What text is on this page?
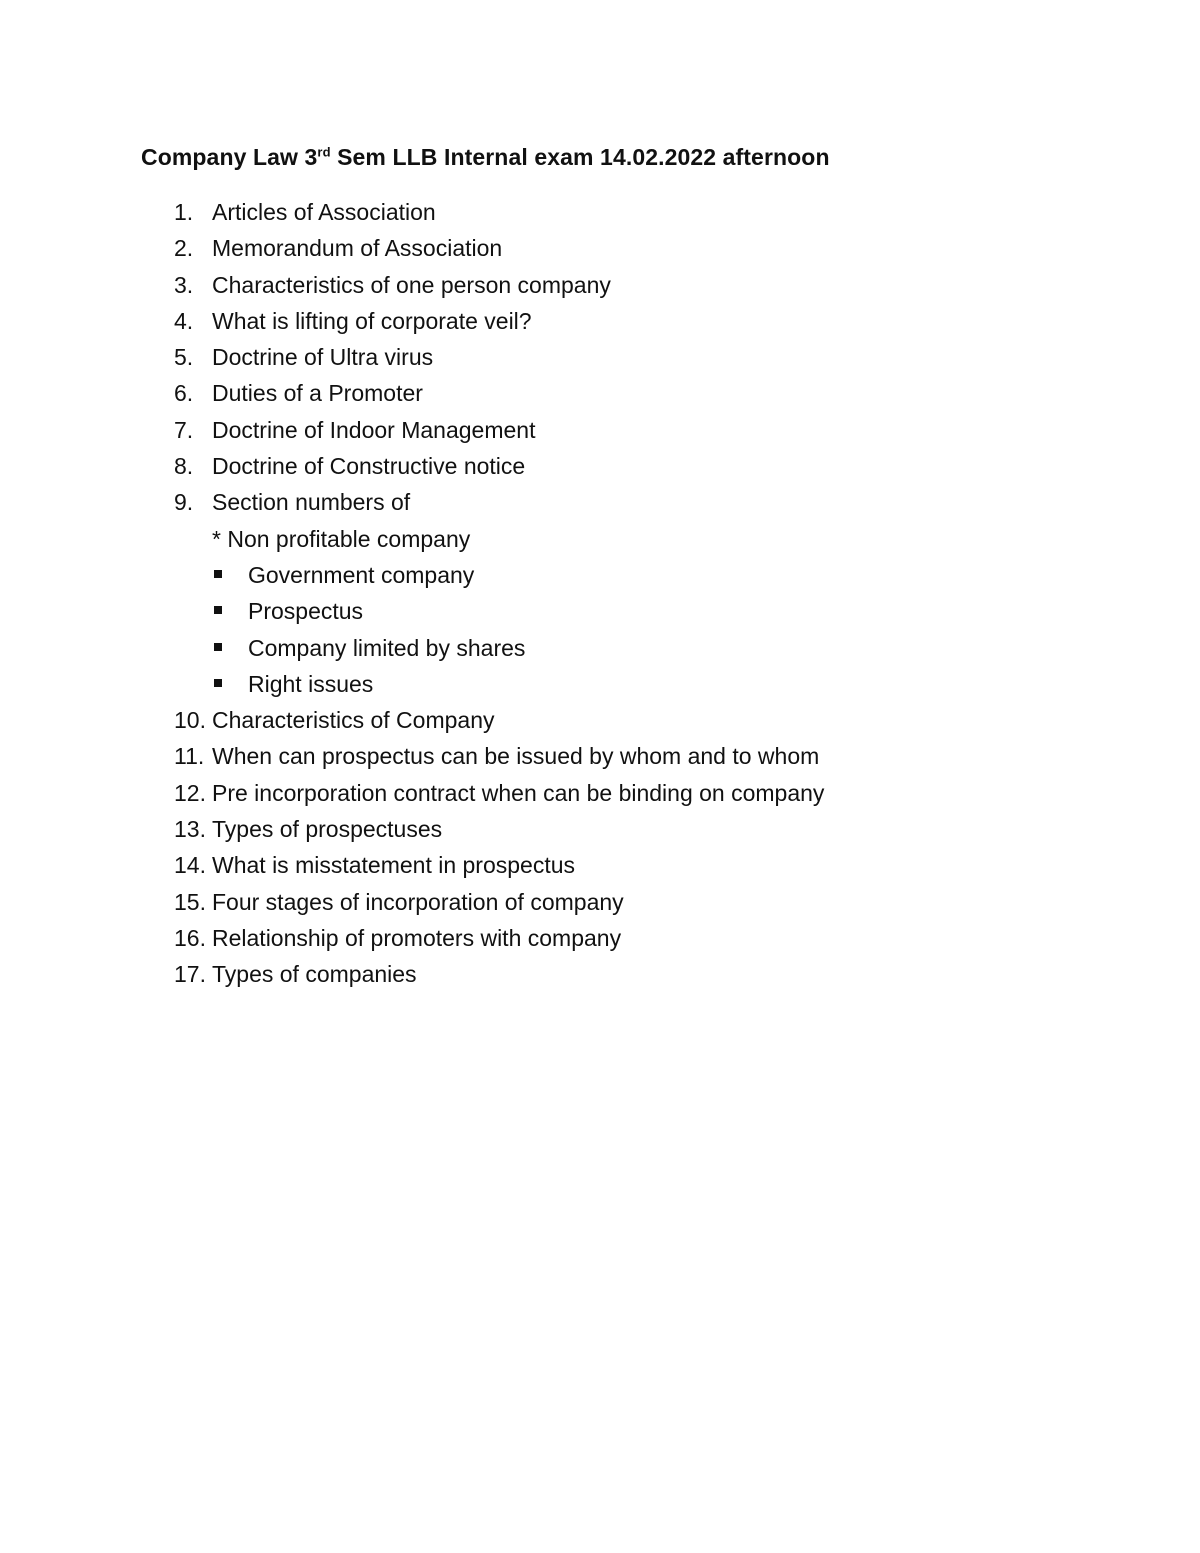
Company Law 3rd Sem LLB Internal exam 14.02.2022 afternoon
1. Articles of Association
2. Memorandum of Association
3. Characteristics of one person company
4. What is lifting of corporate veil?
5. Doctrine of Ultra virus
6. Duties of a Promoter
7. Doctrine of Indoor Management
8. Doctrine of Constructive notice
9. Section numbers of
* Non profitable company
Government company
Prospectus
Company limited by shares
Right issues
10. Characteristics of Company
11. When can prospectus can be issued by whom and to whom
12. Pre incorporation contract when can be binding on company
13. Types of prospectuses
14. What is misstatement in prospectus
15. Four stages of incorporation of company
16. Relationship of promoters with company
17. Types of companies
